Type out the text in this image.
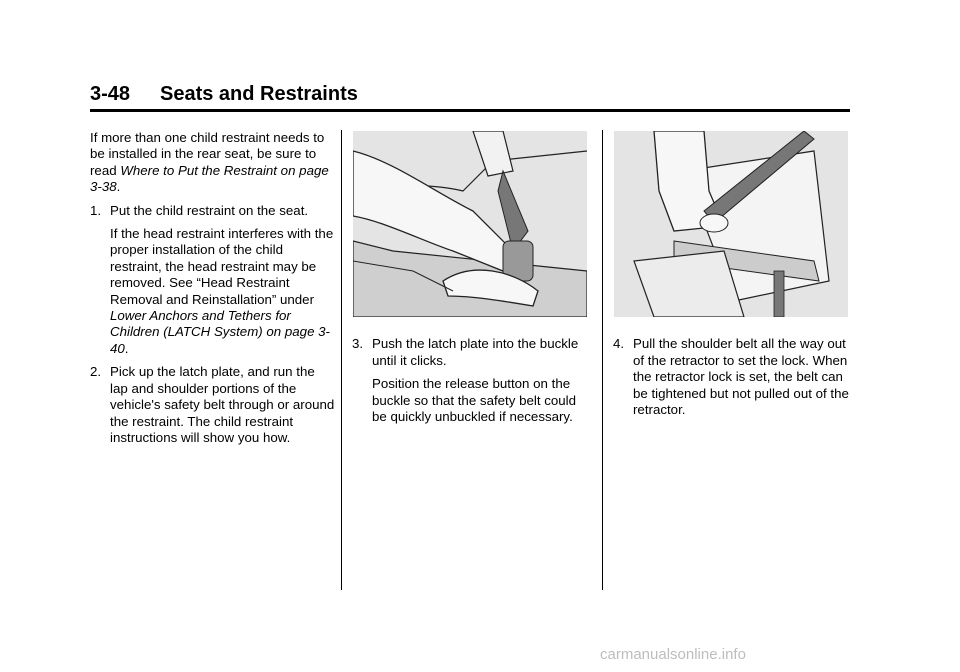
3-48 Seats and Restraints

If more than one child restraint needs to be installed in the rear seat, be sure to read Where to Put the Restraint on page 3-38.

1. Put the child restraint on the seat.

If the head restraint interferes with the proper installation of the child restraint, the head restraint may be removed. See “Head Restraint Removal and Reinstallation” under Lower Anchors and Tethers for Children (LATCH System) on page 3-40.

2. Pick up the latch plate, and run the lap and shoulder portions of the vehicle's safety belt through or around the restraint. The child restraint instructions will show you how.
3. Push the latch plate into the buckle until it clicks.

Position the release button on the buckle so that the safety belt could be quickly unbuckled if necessary.

4. Pull the shoulder belt all the way out of the retractor to set the lock. When the retractor lock is set, the belt can be tightened but not pulled out of the retractor.
carmanualsonline.info
